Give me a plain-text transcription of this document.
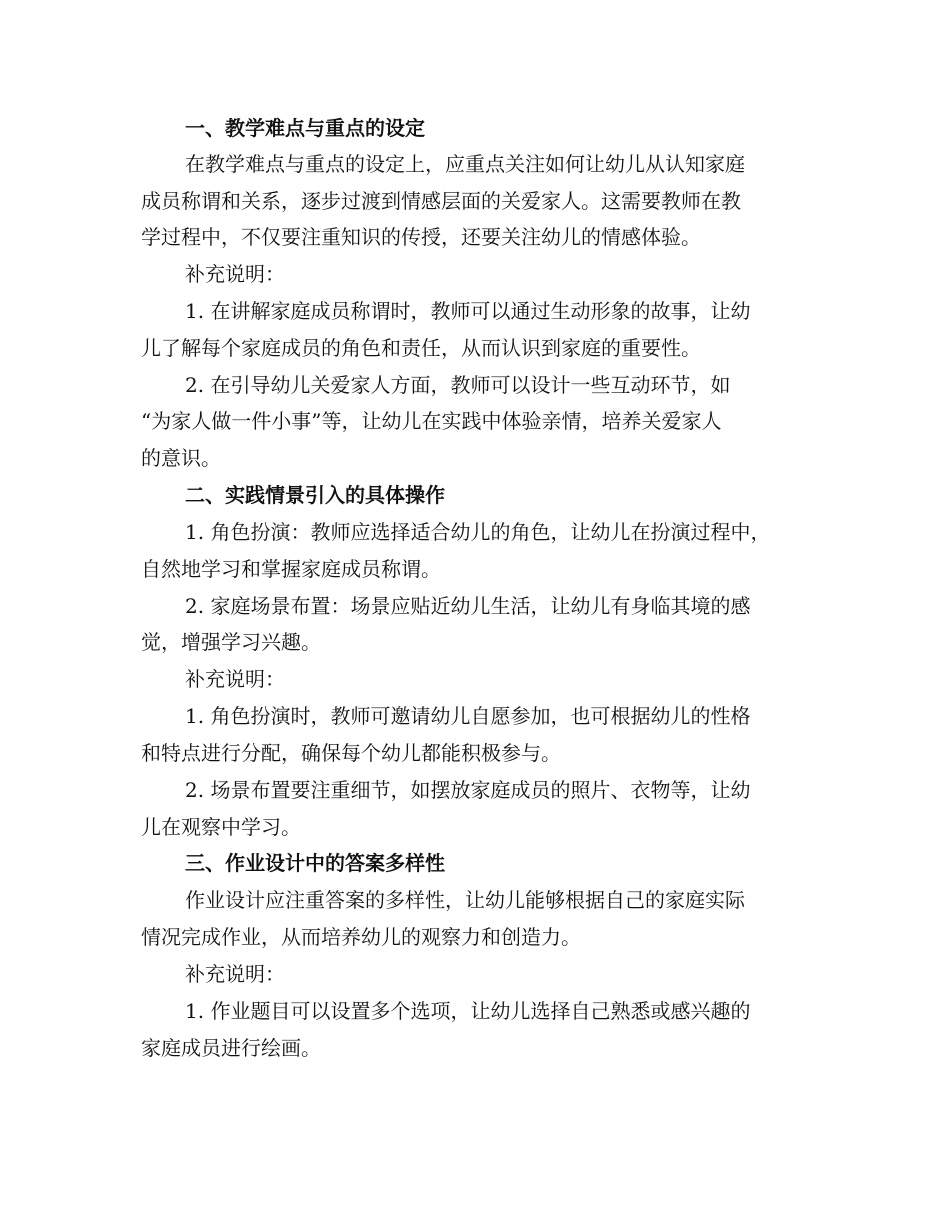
一、教学难点与重点的设定
在教学难点与重点的设定上，应重点关注如何让幼儿从认知家庭
成员称谓和关系，逐步过渡到情感层面的关爱家人。这需要教师在教
学过程中，不仅要注重知识的传授，还要关注幼儿的情感体验。
补充说明：
1. 在讲解家庭成员称谓时，教师可以通过生动形象的故事，让幼
儿了解每个家庭成员的角色和责任，从而认识到家庭的重要性。
2. 在引导幼儿关爱家人方面，教师可以设计一些互动环节，如
“为家人做一件小事”等，让幼儿在实践中体验亲情，培养关爱家人
的意识。
二、实践情景引入的具体操作
1. 角色扮演：教师应选择适合幼儿的角色，让幼儿在扮演过程中，
自然地学习和掌握家庭成员称谓。
2. 家庭场景布置：场景应贴近幼儿生活，让幼儿有身临其境的感
觉，增强学习兴趣。
补充说明：
1. 角色扮演时，教师可邀请幼儿自愿参加，也可根据幼儿的性格
和特点进行分配，确保每个幼儿都能积极参与。
2. 场景布置要注重细节，如摆放家庭成员的照片、衣物等，让幼
儿在观察中学习。
三、作业设计中的答案多样性
作业设计应注重答案的多样性，让幼儿能够根据自己的家庭实际
情况完成作业，从而培养幼儿的观察力和创造力。
补充说明：
1. 作业题目可以设置多个选项，让幼儿选择自己熟悉或感兴趣的
家庭成员进行绘画。
